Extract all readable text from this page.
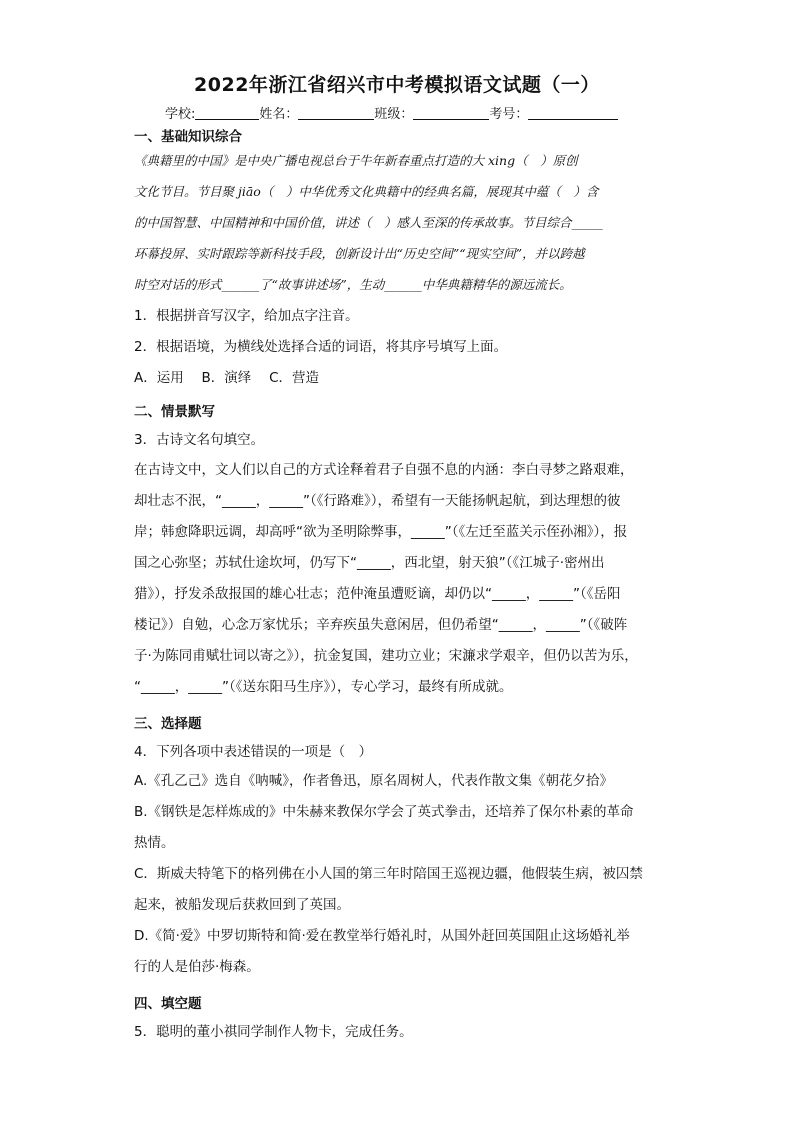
2022年浙江省绍兴市中考模拟语文试题（一）
学校:	姓名：	班级：	考号：
一、基础知识综合

《典籍里的中国》是中央广播电视总台于牛年新春重点打造的大 xing（　）原创

文化节目。节目聚 jiāo（　）中华优秀文化典籍中的经典名篇，展现其中蕴（　）含

的中国智慧、中国精神和中国价值，讲述（　）感人至深的传承故事。节目综合_____

环幕投屏、实时跟踪等新科技手段，创新设计出“历史空间”“现实空间”，并以跨越

时空对话的形式______了“故事讲述场”，生动______中华典籍精华的源远流长。

1．根据拼音写汉字，给加点字注音。
2．根据语境，为横线处选择合适的词语，将其序号填写上面。
A．运用　 B．演绎　 C．营造
二、情景默写
3．古诗文名句填空。

在古诗文中，文人们以自己的方式诠释着君子自强不息的内涵：李白寻梦之路艰难，

却壮志不泯，“_____，_____”（《行路难》），希望有一天能扬帆起航，到达理想的彼

岸；韩愈降职远调，却高呼“欲为圣明除弊事，_____”（《左迁至蓝关示侄孙湘》），报

国之心弥坚；苏轼仕途坎坷，仍写下“_____，西北望，射天狼”（《江城子·密州出

猎》），抒发杀敌报国的雄心壮志；范仲淹虽遭贬谪，却仍以“_____，_____”（《岳阳

楼记》）自勉，心念万家忧乐；辛弃疾虽失意闲居，但仍希望“_____，_____”（《破阵

子·为陈同甫赋壮词以寄之》），抗金复国，建功立业；宋濂求学艰辛，但仍以苦为乐，

“_____，_____”（《送东阳马生序》），专心学习，最终有所成就。

三、选择题
4．下列各项中表述错误的一项是（　）

A.《孔乙己》选自《呐喊》，作者鲁迅，原名周树人，代表作散文集《朝花夕拾》

B.《钢铁是怎样炼成的》中朱赫来教保尔学会了英式拳击，还培养了保尔朴素的革命

热情。

C．斯威夫特笔下的格列佛在小人国的第三年时陪国王巡视边疆，他假装生病，被囚禁

起来，被船发现后获救回到了英国。

D.《简·爱》中罗切斯特和简·爱在教堂举行婚礼时，从国外赶回英国阻止这场婚礼举

行的人是伯莎·梅森。

四、填空题
5．聪明的董小祺同学制作人物卡，完成任务。
